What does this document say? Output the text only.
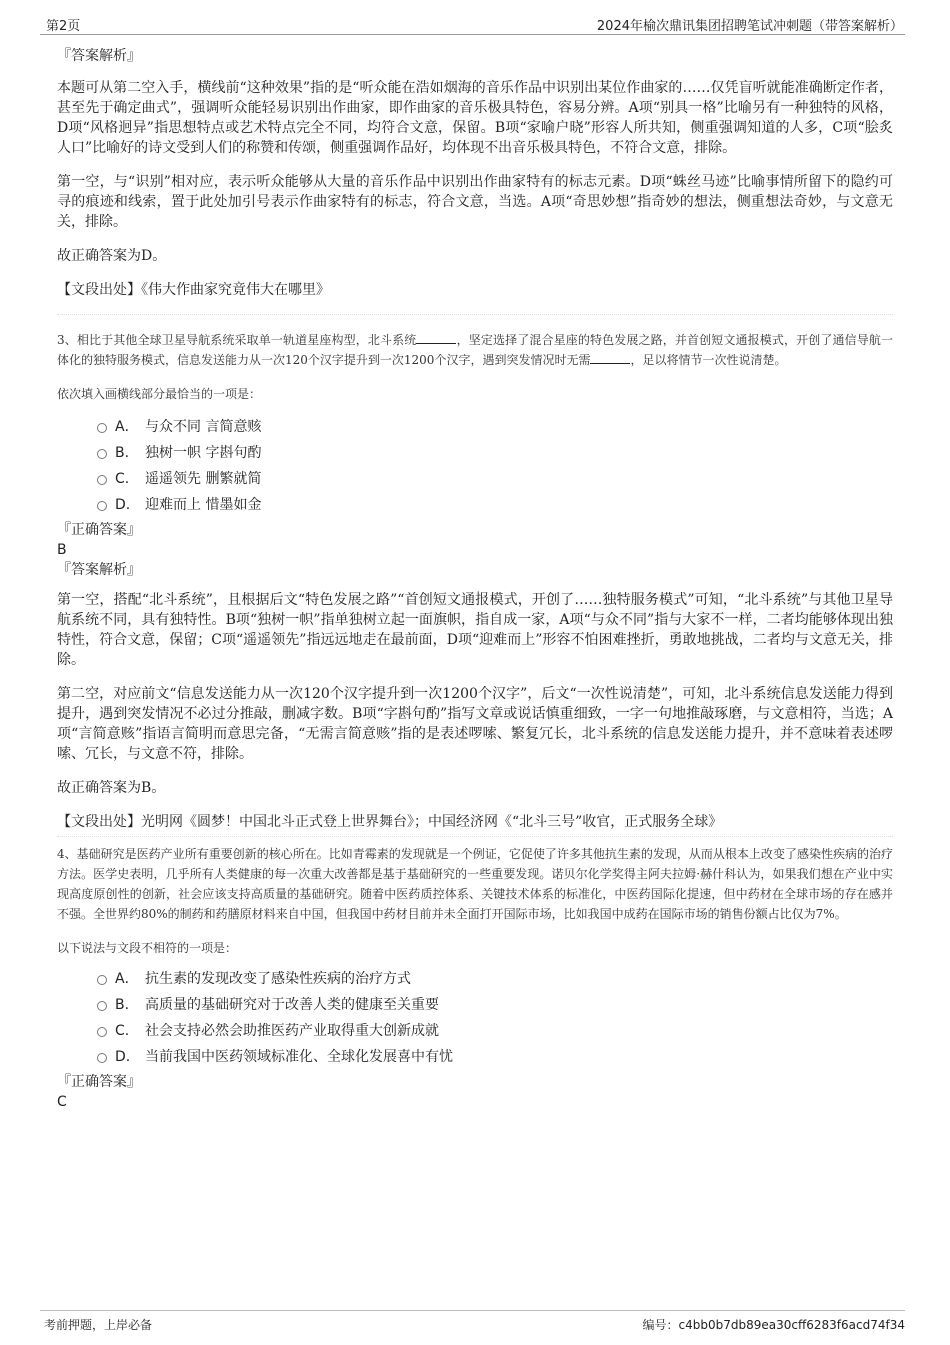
第2页	2024年榆次鼎讯集团招聘笔试冲刺题（带答案解析）

『答案解析』

本题可从第二空入手，横线前“这种效果”指的是“听众能在浩如烟海的音乐作品中识别出某位作曲家的……仅凭盲听就能准确断定作者，甚至先于确定曲式”，强调听众能轻易识别出作曲家，即作曲家的音乐极具特色，容易分辨。A项“别具一格”比喻另有一种独特的风格，D项“风格迥异”指思想特点或艺术特点完全不同，均符合文意，保留。B项“家喻户晓”形容人所共知，侧重强调知道的人多，C项“脍炙人口”比喻好的诗文受到人们的称赞和传颂，侧重强调作品好，均体现不出音乐极具特色，不符合文意，排除。

第一空，与“识别”相对应，表示听众能够从大量的音乐作品中识别出作曲家特有的标志元素。D项“蛛丝马迹”比喻事情所留下的隐约可寻的痕迹和线索，置于此处加引号表示作曲家特有的标志，符合文意，当选。A项“奇思妙想”指奇妙的想法，侧重想法奇妙，与文意无关，排除。

故正确答案为D。

【文段出处】《伟大作曲家究竟伟大在哪里》

3、相比于其他全球卫星导航系统采取单一轨道星座构型，北斗系统	，坚定选择了混合星座的特色发展之路，并首创短文通报模式，开创了通信导航一体化的独特服务模式，信息发送能力从一次120个汉字提升到一次1200个汉字，遇到突发情况时无需	，足以将情节一次性说清楚。

依次填入画横线部分最恰当的一项是：

A． 与众不同 言简意赅
B. 独树一帜 字斟句酌
C. 遥遥领先 删繁就简
D. 迎难而上 惜墨如金

『正确答案』

B

『答案解析』

第一空，搭配“北斗系统”，且根据后文“特色发展之路”“首创短文通报模式，开创了……独特服务模式”可知，“北斗系统”与其他卫星导航系统不同，具有独特性。B项“独树一帜”指单独树立起一面旗帜，指自成一家，A项“与众不同”指与大家不一样，二者均能够体现出独特性，符合文意，保留；C项“遥遥领先”指远远地走在最前面，D项“迎难而上”形容不怕困难挫折，勇敢地挑战，二者均与文意无关，排除。

第二空，对应前文“信息发送能力从一次120个汉字提升到一次1200个汉字”，后文“一次性说清楚”，可知，北斗系统信息发送能力得到提升，遇到突发情况不必过分推敲，删减字数。B项“字斟句酌”指写文章或说话慎重细致，一字一句地推敲琢磨，与文意相符，当选；A项“言简意赅”指语言简明而意思完备，“无需言简意赅”指的是表述啰嗦、繁复冗长，北斗系统的信息发送能力提升，并不意味着表述啰嗦、冗长，与文意不符，排除。

故正确答案为B。

【文段出处】光明网《圆梦！中国北斗正式登上世界舞台》；中国经济网《“北斗三号”收官，正式服务全球》

4、基础研究是医药产业所有重要创新的核心所在。比如青霉素的发现就是一个例证，它促使了许多其他抗生素的发现，从而从根本上改变了感染性疾病的治疗方法。医学史表明，几乎所有人类健康的每一次重大改善都是基于基础研究的一些重要发现。诺贝尔化学奖得主阿夫拉姆·赫什科认为，如果我们想在产业中实现高度原创性的创新，社会应该支持高质量的基础研究。随着中医药质控体系、关键技术体系的标准化，中医药国际化提速，但中药材在全球市场的存在感并不强。全世界约80%的制药和药膳原材料来自中国，但我国中药材目前并未全面打开国际市场，比如我国中成药在国际市场的销售份额占比仅为7%。

以下说法与文段不相符的一项是：

A． 抗生素的发现改变了感染性疾病的治疗方式
B. 高质量的基础研究对于改善人类的健康至关重要
C. 社会支持必然会助推医药产业取得重大创新成就
D. 当前我国中医药领域标准化、全球化发展喜中有忧

『正确答案』

C

考前押题，上岸必备	编号：c4bb0b7db89ea30cff6283f6acd74f34
